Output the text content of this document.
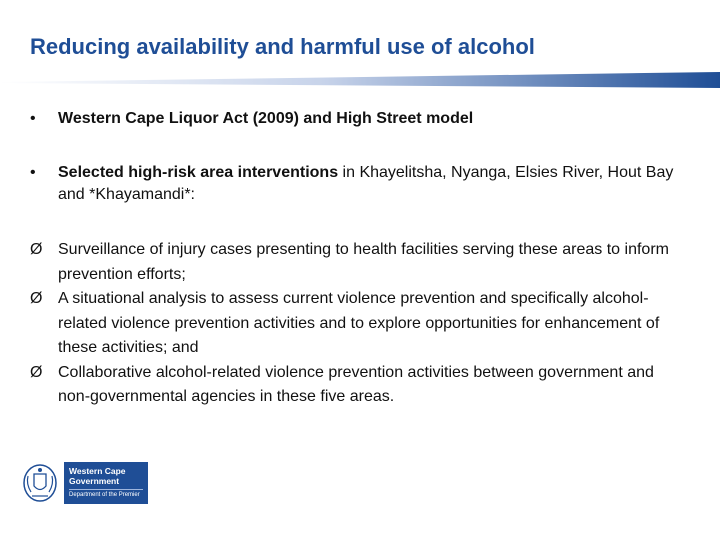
Reducing availability and harmful use of alcohol
• Western Cape Liquor Act (2009) and High Street model
• Selected high-risk area interventions in Khayelitsha, Nyanga, Elsies River, Hout Bay and *Khayamandi*:
Ø Surveillance of injury cases presenting to health facilities serving these areas to inform prevention efforts;
Ø A situational analysis to assess current violence prevention and specifically alcohol-related violence prevention activities and to explore opportunities for enhancement of these activities; and
Ø Collaborative alcohol-related violence prevention activities between government and non-governmental agencies in these five areas.
Western Cape
Government
Department of the Premier
